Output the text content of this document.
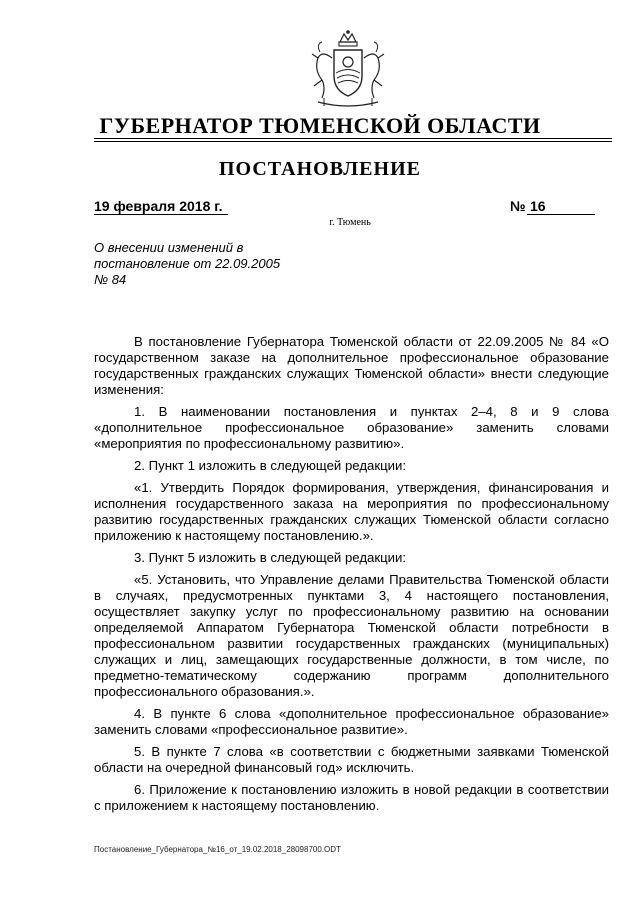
ГУБЕРНАТОР ТЮМЕНСКОЙ ОБЛАСТИ
ПОСТАНОВЛЕНИЕ
19 февраля 2018 г.	№ 16
г. Тюмень
О внесении изменений в
постановление от 22.09.2005
№ 84

В постановление Губернатора Тюменской области от 22.09.2005 № 84 «О государственном заказе на дополнительное профессиональное образование государственных гражданских служащих Тюменской области» внести следующие изменения:

1. В наименовании постановления и пунктах 2–4, 8 и 9 слова «дополнительное профессиональное образование» заменить словами «мероприятия по профессиональному развитию».

2. Пункт 1 изложить в следующей редакции:

«1. Утвердить Порядок формирования, утверждения, финансирования и исполнения государственного заказа на мероприятия по профессиональному развитию государственных гражданских служащих Тюменской области согласно приложению к настоящему постановлению.».

3. Пункт 5 изложить в следующей редакции:

«5. Установить, что Управление делами Правительства Тюменской области в случаях, предусмотренных пунктами 3, 4 настоящего постановления, осуществляет закупку услуг по профессиональному развитию на основании определяемой Аппаратом Губернатора Тюменской области потребности в профессиональном развитии государственных гражданских (муниципальных) служащих и лиц, замещающих государственные должности, в том числе, по предметно-тематическому содержанию программ дополнительного профессионального образования.».

4. В пункте 6 слова «дополнительное профессиональное образование» заменить словами «профессиональное развитие».

5. В пункте 7 слова «в соответствии с бюджетными заявками Тюменской области на очередной финансовый год» исключить.

6. Приложение к постановлению изложить в новой редакции в соответствии с приложением к настоящему постановлению.

Постановление_Губернатора_№16_от_19.02.2018_28098700.ODT
